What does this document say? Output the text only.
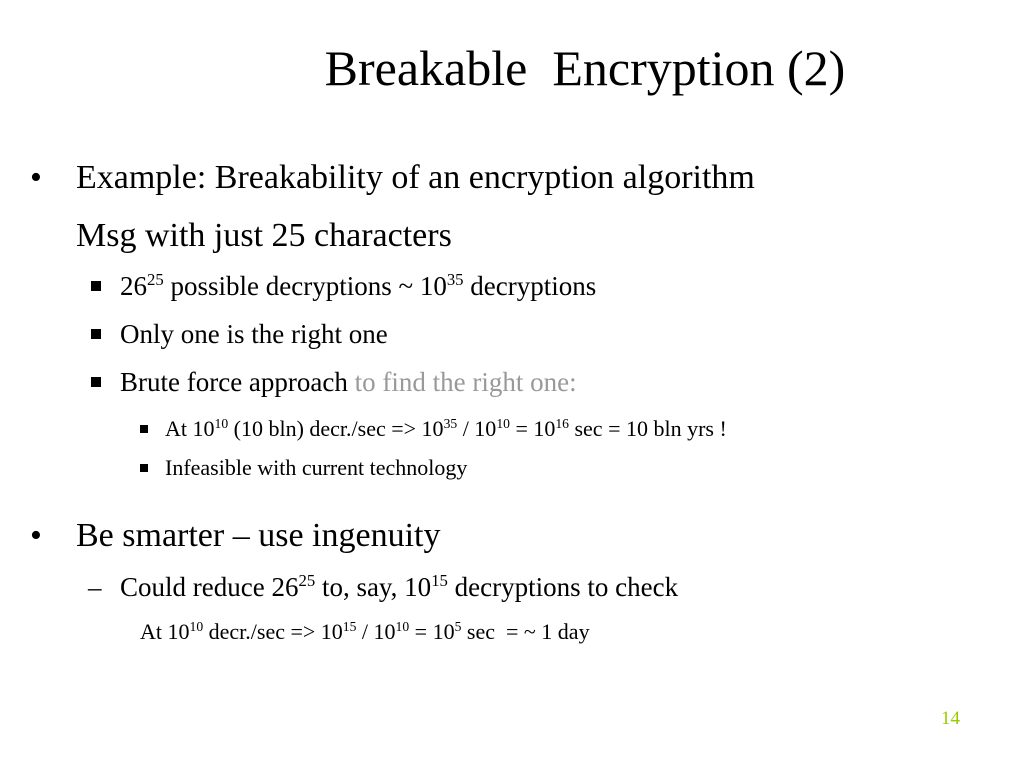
Breakable  Encryption (2)
• Example: Breakability of an encryption algorithm
Msg with just 25 characters
$26^{25}$ possible decryptions ~ $10^{35}$ decryptions
Only one is the right one
Brute force approach to find the right one:
At $10^{10}$ (10 bln) decr./sec => $10^{35} / 10^{10} = 10^{16}$ sec = 10 bln yrs !
Infeasible with current technology
• Be smarter – use ingenuity
– Could reduce $26^{25}$ to, say, $10^{15}$ decryptions to check
At $10^{10}$ decr./sec => $10^{15} / 10^{10} = 10^5$ sec  = ~ 1 day
14
